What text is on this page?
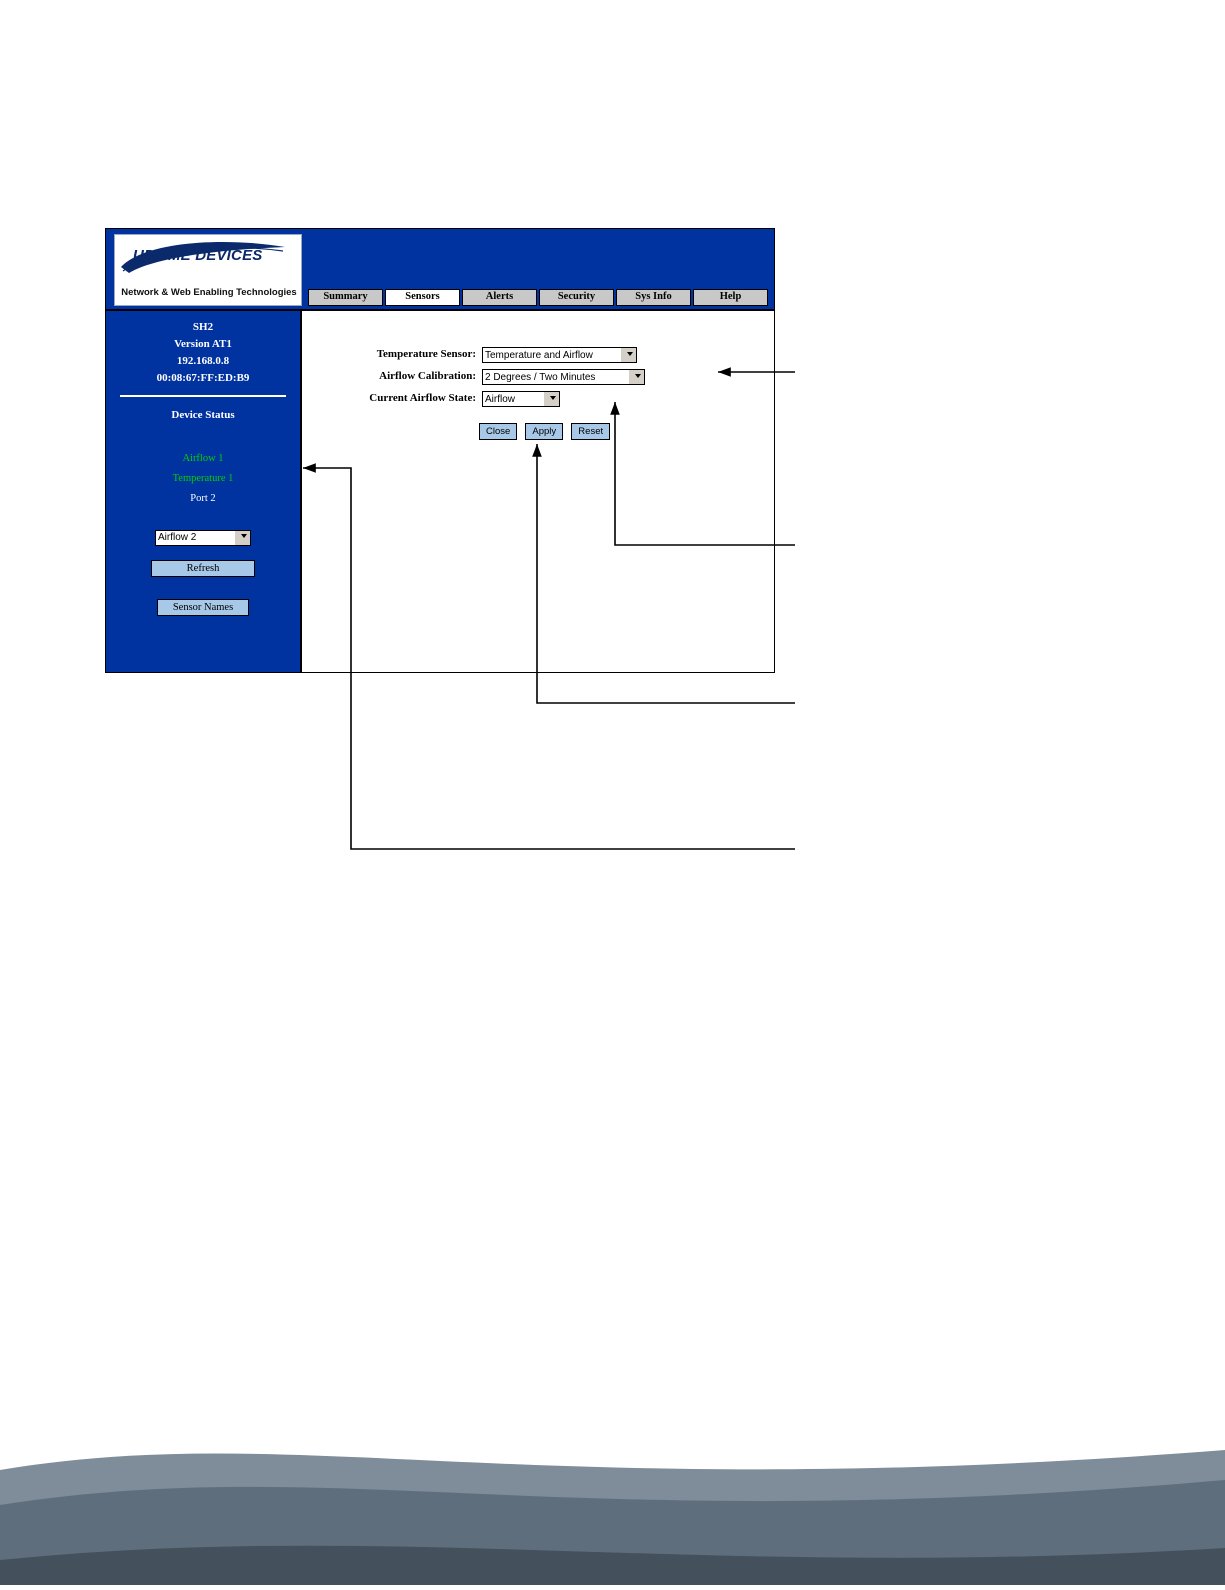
UPTIME DEVICES
Network & Web Enabling Technologies	Summary	Sensors	Alerts	Security	Sys Info	Help
SH2
Version AT1
192.168.0.8
00:08:67:FF:ED:B9
Device Status
Airflow 1
Temperature 1
Port 2
Airflow 2
Refresh
Sensor Names
Temperature Sensor:
Temperature and Airflow
Airflow Calibration:
2 Degrees / Two Minutes
Current Airflow State:
Airflow
Close	Apply	Reset
